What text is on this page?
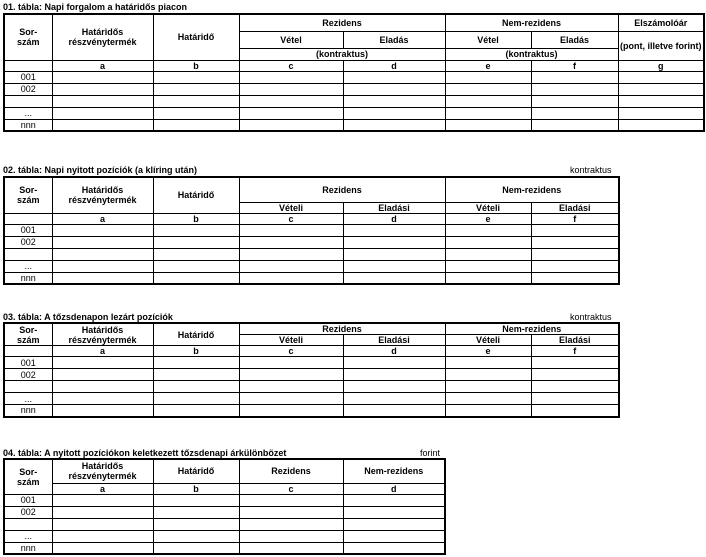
01. tábla: Napi forgalom a határidős piacon
Sor-
szám	Határidős részvénytermék	Határidő	Rezidens		Nem-rezidens		Elszámolóár
			Vétel	Eladás	Vétel	Eladás	(pont, illetve forint)
			(kontraktus)		(kontraktus)		
	a	b	c	d	e	f	g
001							
002							

...							
nnn							
02. tábla: Napi nyitott pozíciók (a klíring után)	kontraktus
Sor-
szám	Határidős részvénytermék	Határidő	Rezidens		Nem-rezidens	
			Vételi	Eladási	Vételi	Eladási
	a	b	c	d	e	f
001						
002						

...						
nnn						
03. tábla: A tőzsdenapon lezárt pozíciók	kontraktus
Sor-
szám	Határidős részvénytermék	Határidő	Rezidens		Nem-rezidens	
			Vételi	Eladási	Vételi	Eladási
	a	b	c	d	e	f
001						
002						

...						
nnn						
04. tábla: A nyitott pozíciókon keletkezett tőzsdenapi árkülönbözet	forint
Sor-
szám	Határidős részvénytermék	Határidő	Rezidens	Nem-rezidens
	a	b	c	d
001				
002				

...				
nnn				
